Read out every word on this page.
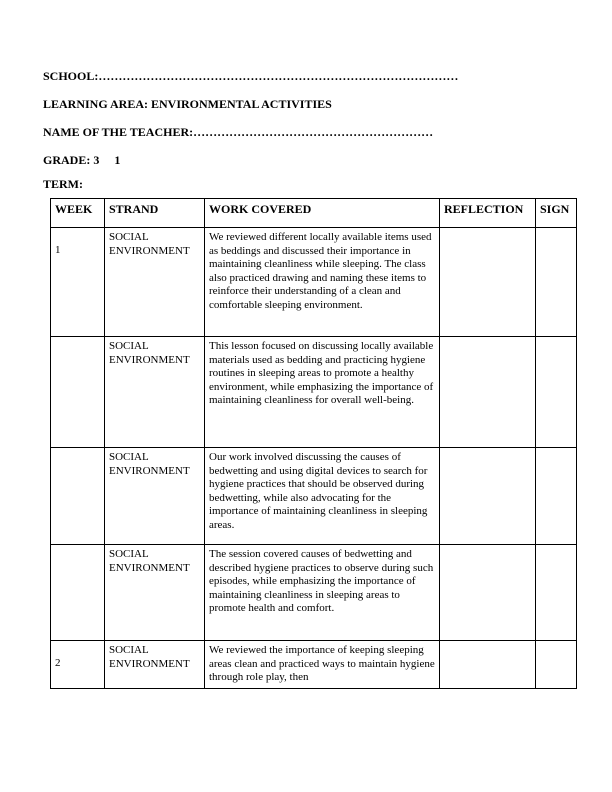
SCHOOL:………………………………………………………………………………

LEARNING AREA: ENVIRONMENTAL ACTIVITIES

NAME OF THE TEACHER:……………………………………………………

GRADE: 3     1

TERM:

WEEK	STRAND	WORK COVERED	REFLECTION	SIGN

1	SOCIAL ENVIRONMENT	We reviewed different locally available items used as beddings and discussed their importance in maintaining cleanliness while sleeping. The class also practiced drawing and naming these items to reinforce their understanding of a clean and comfortable sleeping environment.		

	SOCIAL ENVIRONMENT	This lesson focused on discussing locally available materials used as bedding and practicing hygiene routines in sleeping areas to promote a healthy environment, while emphasizing the importance of maintaining cleanliness for overall well-being.		

	SOCIAL ENVIRONMENT	Our work involved discussing the causes of bedwetting and using digital devices to search for hygiene practices that should be observed during bedwetting, while also advocating for the importance of maintaining cleanliness in sleeping areas.		

	SOCIAL ENVIRONMENT	The session covered causes of bedwetting and described hygiene practices to observe during such episodes, while emphasizing the importance of maintaining cleanliness in sleeping areas to promote health and comfort.		

2	SOCIAL ENVIRONMENT	We reviewed the importance of keeping sleeping areas clean and practiced ways to maintain hygiene through role play, then		
